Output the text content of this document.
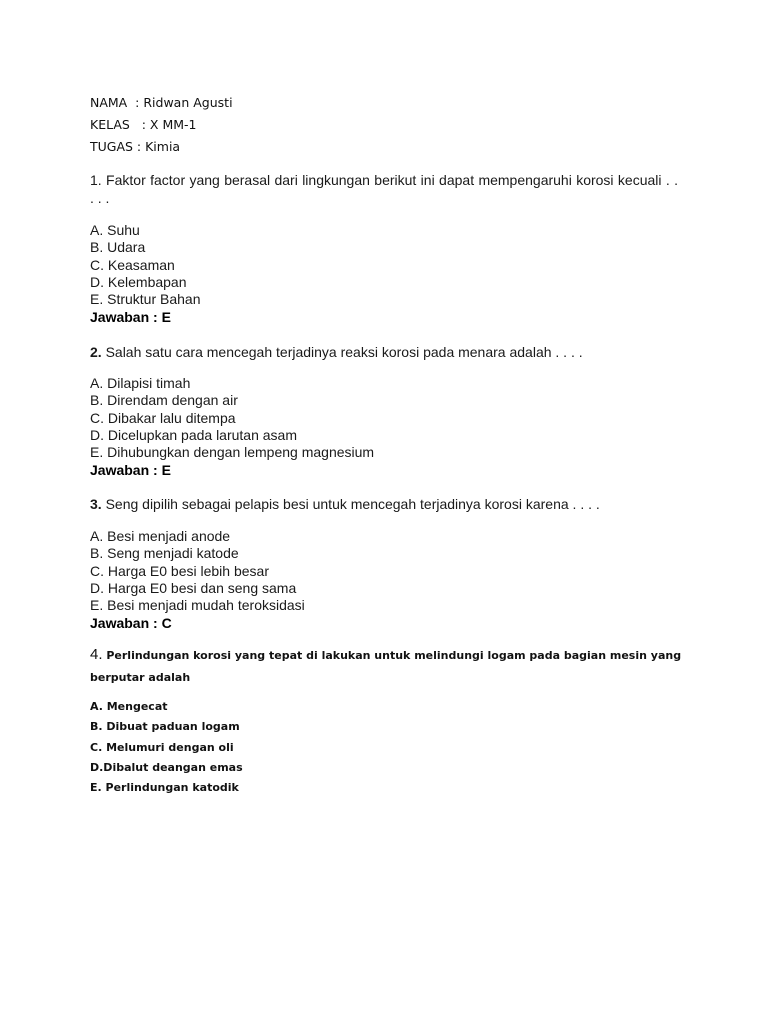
NAMA  : Ridwan Agusti
KELAS   : X MM-1
TUGAS : Kimia
1. Faktor factor yang berasal dari lingkungan berikut ini dapat mempengaruhi korosi kecuali . . . . .
A. Suhu
B. Udara
C. Keasaman
D. Kelembapan
E. Struktur Bahan
Jawaban : E
2. Salah satu cara mencegah terjadinya reaksi korosi pada menara adalah . . . .
A. Dilapisi timah
B. Direndam dengan air
C. Dibakar lalu ditempa
D. Dicelupkan pada larutan asam
E. Dihubungkan dengan lempeng magnesium
Jawaban : E
3. Seng dipilih sebagai pelapis besi untuk mencegah terjadinya korosi karena . . . .
A. Besi menjadi anode
B. Seng menjadi katode
C. Harga E0 besi lebih besar
D. Harga E0 besi dan seng sama
E. Besi menjadi mudah teroksidasi
Jawaban : C
4. Perlindungan korosi yang tepat di lakukan untuk melindungi logam pada bagian mesin yang berputar adalah
A. Mengecat
B. Dibuat paduan logam
C. Melumuri dengan oli
D.Dibalut deangan emas
E. Perlindungan katodik
